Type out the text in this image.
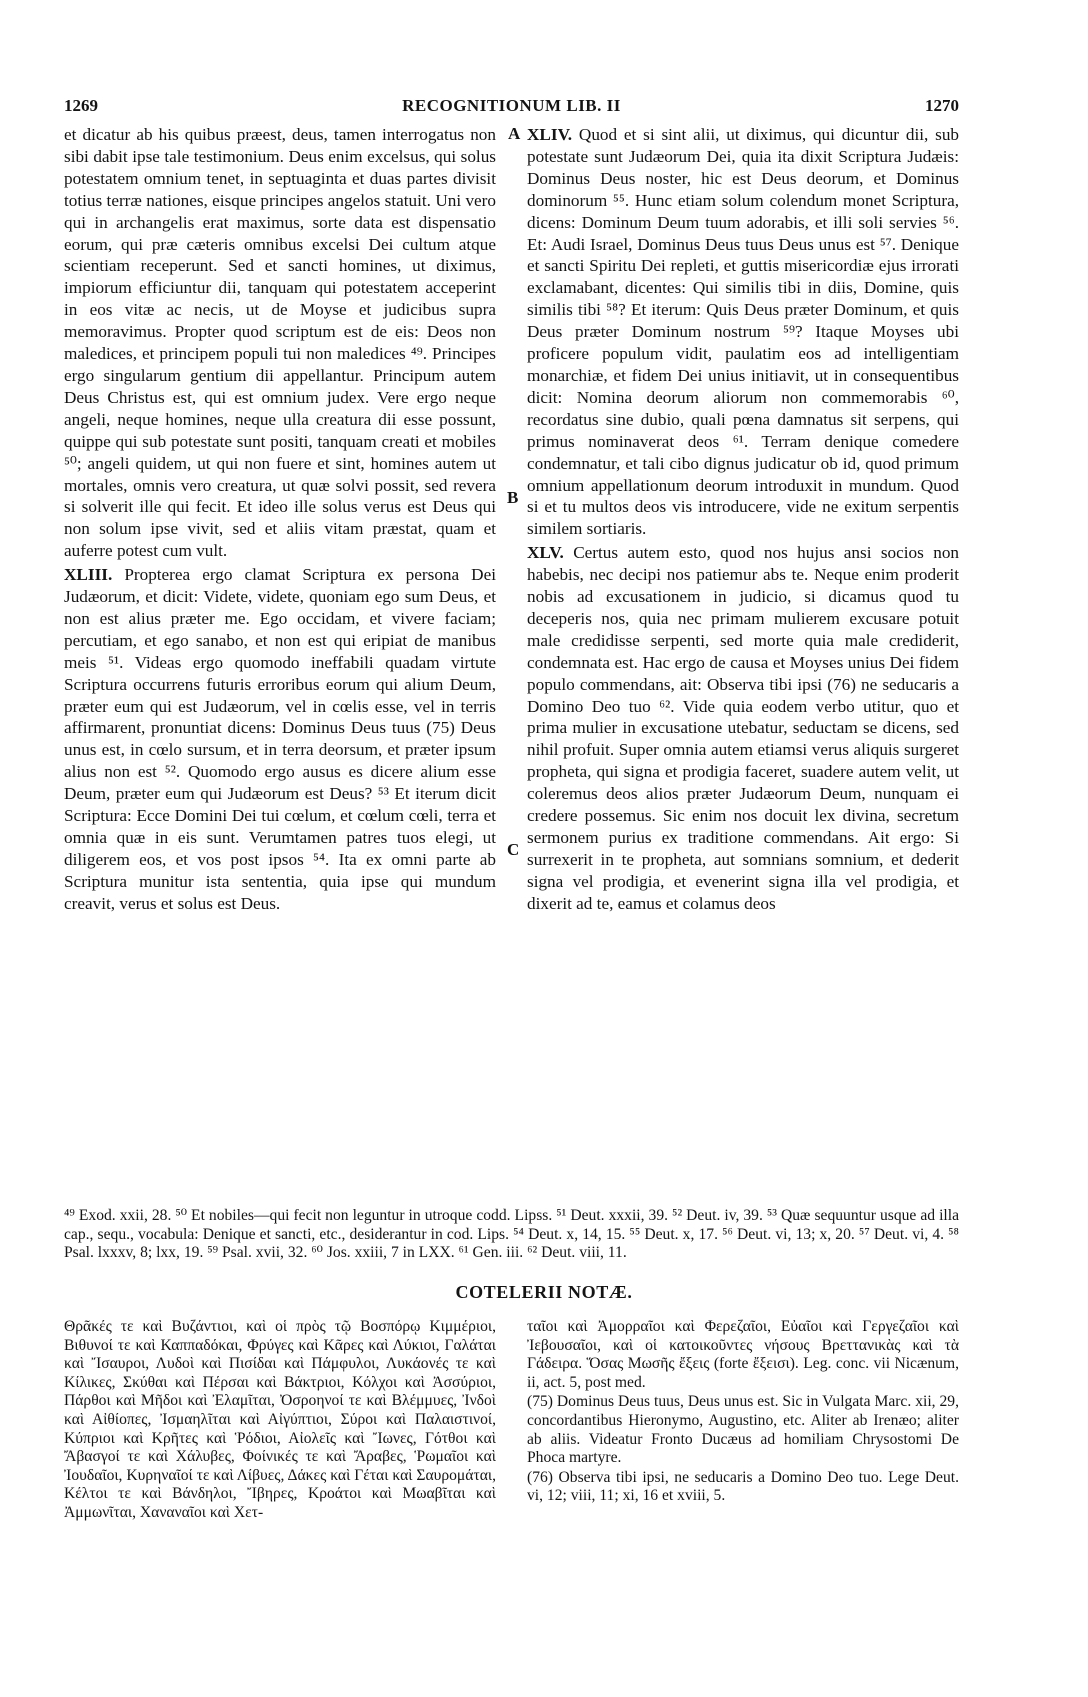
1269	RECOGNITIONUM LIB. II	1270

et dicatur ab his quibus præest, deus, tamen interrogatus non sibi dabit ipse tale testimonium. Deus enim excelsus, qui solus potestatem omnium tenet, in septuaginta et duas partes divisit totius terræ nationes, eisque principes angelos statuit. Uni vero qui in archangelis erat maximus, sorte data est dispensatio eorum, qui præ cæteris omnibus excelsi Dei cultum atque scientiam receperunt. Sed et sancti homines, ut diximus, impiorum efficiuntur dii, tanquam qui potestatem acceperint in eos vitæ ac necis, ut de Moyse et judicibus supra memoravimus. Propter quod scriptum est de eis: Deos non maledices, et principem populi tui non maledices ⁴⁹. Principes ergo singularum gentium dii appellantur. Principum autem Deus Christus est, qui est omnium judex. Vere ergo neque angeli, neque homines, neque ulla creatura dii esse possunt, quippe qui sub potestate sunt positi, tanquam creati et mobiles ⁵⁰; angeli quidem, ut qui non fuere et sint, homines autem ut mortales, omnis vero creatura, ut quæ solvi possit, sed revera si solverit ille qui fecit. Et ideo ille solus verus est Deus qui non solum ipse vivit, sed et aliis vitam præstat, quam et auferre potest cum vult.

XLIII. Propterea ergo clamat Scriptura ex persona Dei Judæorum, et dicit: Videte, videte, quoniam ego sum Deus, et non est alius præter me. Ego occidam, et vivere faciam; percutiam, et ego sanabo, et non est qui eripiat de manibus meis ⁵¹. Videas ergo quomodo ineffabili quadam virtute Scriptura occurrens futuris erroribus eorum qui alium Deum, præter eum qui est Judæorum, vel in cœlis esse, vel in terris affirmarent, pronuntiat dicens: Dominus Deus tuus (75) Deus unus est, in cœlo sursum, et in terra deorsum, et præter ipsum alius non est ⁵². Quomodo ergo ausus es dicere alium esse Deum, præter eum qui Judæorum est Deus? ⁵³ Et iterum dicit Scriptura: Ecce Domini Dei tui cœlum, et cœlum cœli, terra et omnia quæ in eis sunt. Verumtamen patres tuos elegi, ut diligerem eos, et vos post ipsos ⁵⁴. Ita ex omni parte ab Scriptura munitur ista sententia, quia ipse qui mundum creavit, verus et solus est Deus.

XLIV. Quod et si sint alii, ut diximus, qui dicuntur dii, sub potestate sunt Judæorum Dei, quia ita dixit Scriptura Judæis: Dominus Deus noster, hic est Deus deorum, et Dominus dominorum ⁵⁵. Hunc etiam solum colendum monet Scriptura, dicens: Dominum Deum tuum adorabis, et illi soli servies ⁵⁶. Et: Audi Israel, Dominus Deus tuus Deus unus est ⁵⁷. Denique et sancti Spiritu Dei repleti, et guttis misericordiæ ejus irrorati exclamabant, dicentes: Qui similis tibi in diis, Domine, quis similis tibi ⁵⁸? Et iterum: Quis Deus præter Dominum, et quis Deus præter Dominum nostrum ⁵⁹? Itaque Moyses ubi proficere populum vidit, paulatim eos ad intelligentiam monarchiæ, et fidem Dei unius initiavit, ut in consequentibus dicit: Nomina deorum aliorum non commemorabis ⁶⁰, recordatus sine dubio, quali pœna damnatus sit serpens, qui primus nominaverat deos ⁶¹. Terram denique comedere condemnatur, et tali cibo dignus judicatur ob id, quod primum omnium appellationum deorum introduxit in mundum. Quod si et tu multos deos vis introducere, vide ne exitum serpentis similem sortiaris.

XLV. Certus autem esto, quod nos hujus ansi socios non habebis, nec decipi nos patiemur abs te. Neque enim proderit nobis ad excusationem in judicio, si dicamus quod tu deceperis nos, quia nec primam mulierem excusare potuit male credidisse serpenti, sed morte quia male crediderit, condemnata est. Hac ergo de causa et Moyses unius Dei fidem populo commendans, ait: Observa tibi ipsi (76) ne seducaris a Domino Deo tuo ⁶². Vide quia eodem verbo utitur, quo et prima mulier in excusatione utebatur, seductam se dicens, sed nihil profuit. Super omnia autem etiamsi verus aliquis surgeret propheta, qui signa et prodigia faceret, suadere autem velit, ut coleremus deos alios præter Judæorum Deum, nunquam ei credere possemus. Sic enim nos docuit lex divina, secretum sermonem purius ex traditione commendans. Ait ergo: Si surrexerit in te propheta, aut somnians somnium, et dederit signa vel prodigia, et evenerint signa illa vel prodigia, et dixerit ad te, eamus et colamus deos

A
B
C
⁴⁹ Exod. xxii, 28. ⁵⁰ Et nobiles—qui fecit non leguntur in utroque codd. Lipss. ⁵¹ Deut. xxxii, 39. ⁵² Deut. iv, 39. ⁵³ Quæ sequuntur usque ad illa cap., sequ., vocabula: Denique et sancti, etc., desiderantur in cod. Lips. ⁵⁴ Deut. x, 14, 15. ⁵⁵ Deut. x, 17. ⁵⁶ Deut. vi, 13; x, 20. ⁵⁷ Deut. vi, 4. ⁵⁸ Psal. lxxxv, 8; lxx, 19. ⁵⁹ Psal. xvii, 32. ⁶⁰ Jos. xxiii, 7 in LXX. ⁶¹ Gen. iii. ⁶² Deut. viii, 11.
COTELERII NOTÆ.

Θρᾶκές τε καὶ Βυζάντιοι, καὶ οἱ πρὸς τῷ Βοσπόρῳ Κιμμέριοι, Βιθυνοί τε καὶ Καππαδόκαι, Φρύγες καὶ Κᾶρες καὶ Λύκιοι, Γαλάται καὶ Ἴσαυροι, Λυδοὶ καὶ Πισίδαι καὶ Πάμφυλοι, Λυκάονές τε καὶ Κίλικες, Σκύθαι καὶ Πέρσαι καὶ Βάκτριοι, Κόλχοι καὶ Ἀσσύριοι, Πάρθοι καὶ Μῆδοι καὶ Ἐλαμῖται, Ὀσροηνοί τε καὶ Βλέμμυες, Ἰνδοὶ καὶ Αἰθίοπες, Ἰσμαηλῖται καὶ Αἰγύπτιοι, Σύροι καὶ Παλαιστινοί, Κύπριοι καὶ Κρῆτες καὶ Ῥόδιοι, Αἰολεῖς καὶ Ἴωνες, Γότθοι καὶ Ἄβασγοί τε καὶ Χάλυβες, Φοίνικές τε καὶ Ἄραβες, Ῥωμαῖοι καὶ Ἰουδαῖοι, Κυρηναῖοί τε καὶ Λίβυες, Δάκες καὶ Γέται καὶ Σαυρομάται, Κέλτοι τε καὶ Βάνδηλοι, Ἴβηρες, Κροάτοι καὶ Μωαβῖται καὶ Ἀμμωνῖται, Χαναναῖοι καὶ Χετ-

ταῖοι καὶ Ἀμορραῖοι καὶ Φερεζαῖοι, Εὐαῖοι καὶ Γεργεζαῖοι καὶ Ἰεβουσαῖοι, καὶ οἱ κατοικοῦντες νήσους Βρεττανικὰς καὶ τὰ Γάδειρα. Ὅσας Μωσῆς ἔξεις (forte ἔξεισι). Leg. conc. vii Nicænum, ii, act. 5, post med.

(75) Dominus Deus tuus, Deus unus est. Sic in Vulgata Marc. xii, 29, concordantibus Hieronymo, Augustino, etc. Aliter ab Irenæo; aliter ab aliis. Videatur Fronto Ducæus ad homiliam Chrysostomi De Phoca martyre.

(76) Observa tibi ipsi, ne seducaris a Domino Deo tuo. Lege Deut. vi, 12; viii, 11; xi, 16 et xviii, 5.
